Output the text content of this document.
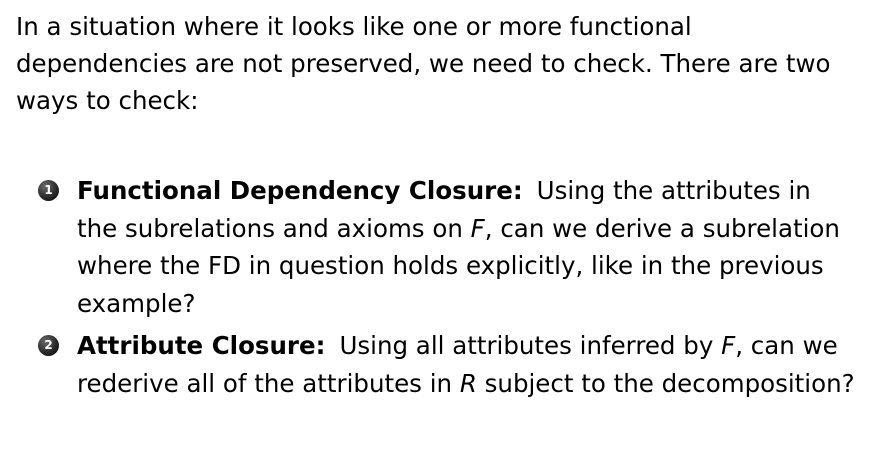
In a situation where it looks like one or more functional
dependencies are not preserved, we need to check. There are two
ways to check:

1 Functional Dependency Closure: Using the attributes in the subrelations and axioms on F, can we derive a subrelation where the FD in question holds explicitly, like in the previous example?
2 Attribute Closure: Using all attributes inferred by F, can we rederive all of the attributes in R subject to the decomposition?
